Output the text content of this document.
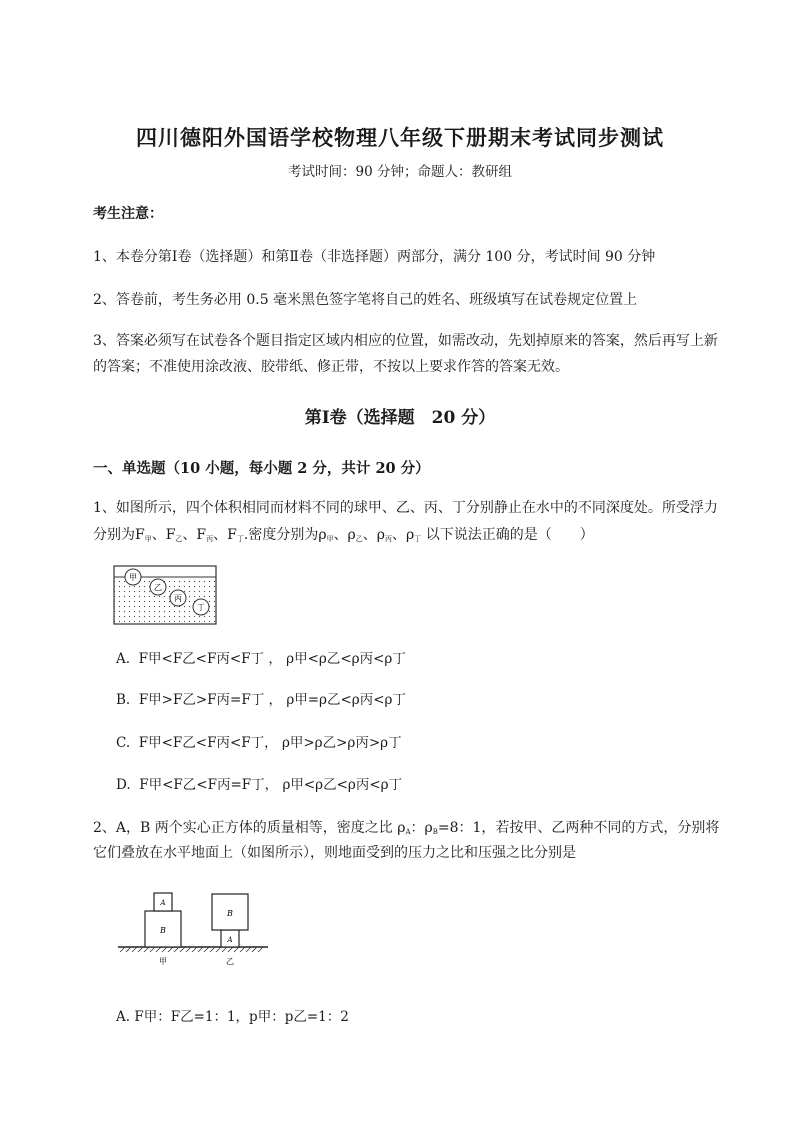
四川德阳外国语学校物理八年级下册期末考试同步测试
考试时间：90 分钟；命题人：教研组
考生注意：
1、本卷分第Ⅰ卷（选择题）和第Ⅱ卷（非选择题）两部分，满分 100 分，考试时间 90 分钟
2、答卷前，考生务必用 0.5 毫米黑色签字笔将自己的姓名、班级填写在试卷规定位置上
3、答案必须写在试卷各个题目指定区域内相应的位置，如需改动，先划掉原来的答案，然后再写上新
的答案；不准使用涂改液、胶带纸、修正带，不按以上要求作答的答案无效。
第Ⅰ卷（选择题　20 分）
一、单选题（10 小题，每小题 2 分，共计 20 分）
1、如图所示，四个体积相同而材料不同的球甲、乙、丙、丁分别静止在水中的不同深度处。所受浮力
分别为$F_甲$、$F_乙$、$F_丙$、$F_丁$.密度分别为$\rho_甲$、$\rho_乙$、$\rho_丙$、$\rho_丁$ 以下说法正确的是（　　）
甲
乙
丙
丁
A. F甲<F乙<F丙<F丁 ， ρ甲<ρ乙<ρ丙<ρ丁
B. F甲>F乙>F丙=F丁 ， ρ甲=ρ乙<ρ丙<ρ丁
C. F甲<F乙<F丙<F丁， ρ甲>ρ乙>ρ丙>ρ丁
D. F甲<F乙<F丙=F丁， ρ甲<ρ乙<ρ丙<ρ丁
2、A，B 两个实心正方体的质量相等，密度之比 $\rho_A$：$\rho_B=8$：1，若按甲、乙两种不同的方式，分别将
它们叠放在水平地面上（如图所示），则地面受到的压力之比和压强之比分别是
B
A
A
B
甲	乙
A. F甲：F乙=1：1，p甲：p乙=1：2
